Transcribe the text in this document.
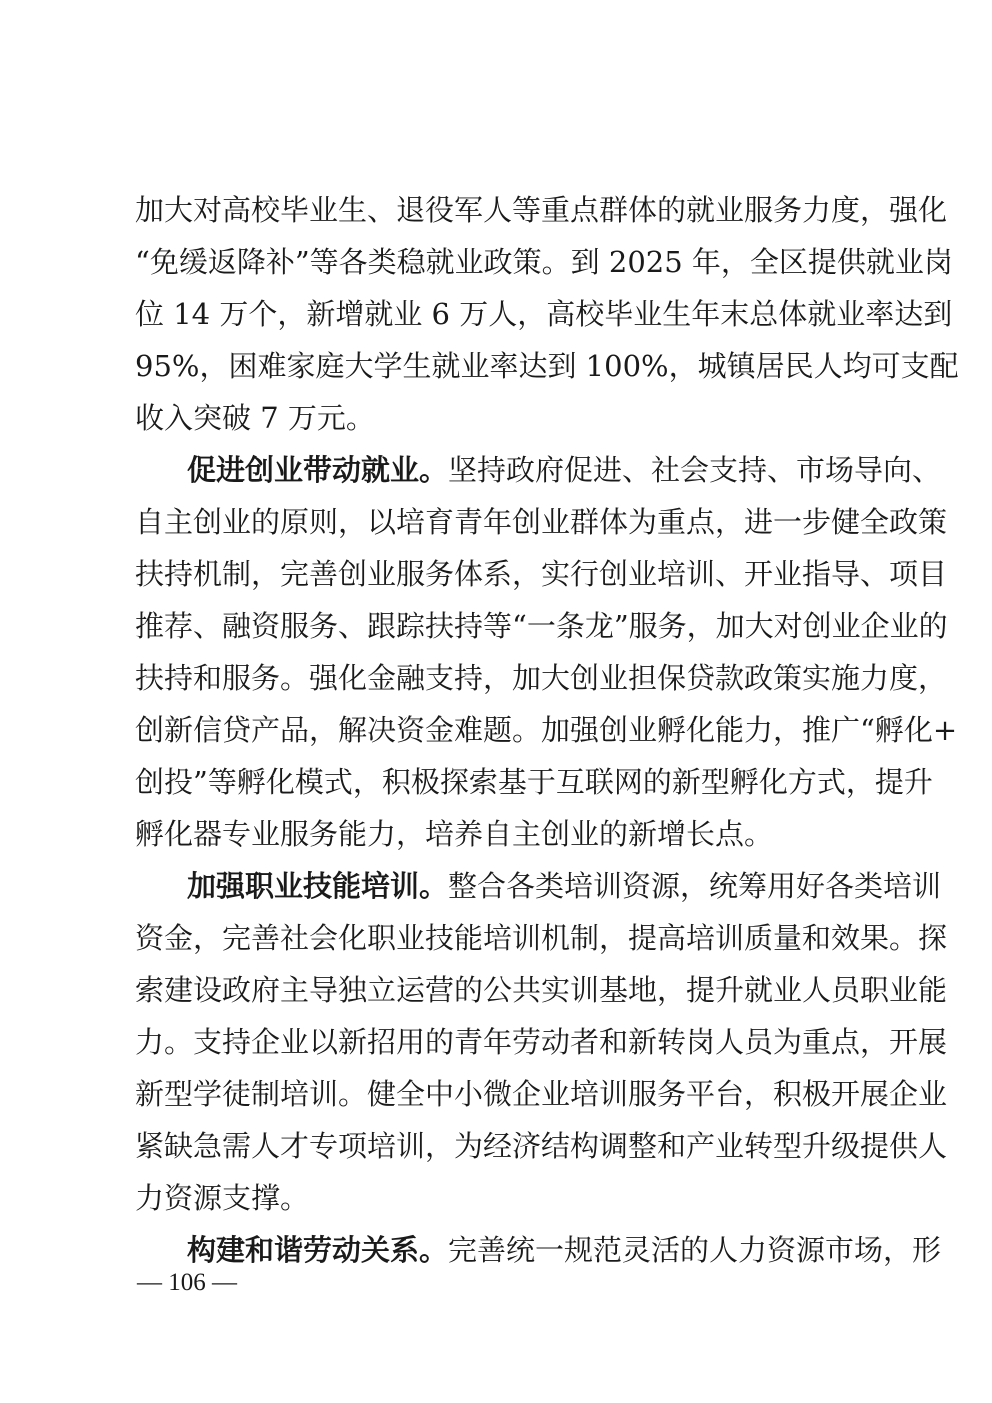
加大对高校毕业生、退役军人等重点群体的就业服务力度，强化
“免缓返降补”等各类稳就业政策。到 2025 年，全区提供就业岗
位 14 万个，新增就业 6 万人，高校毕业生年末总体就业率达到
95%，困难家庭大学生就业率达到 100%，城镇居民人均可支配
收入突破 7 万元。
促进创业带动就业。坚持政府促进、社会支持、市场导向、
自主创业的原则，以培育青年创业群体为重点，进一步健全政策
扶持机制，完善创业服务体系，实行创业培训、开业指导、项目
推荐、融资服务、跟踪扶持等“一条龙”服务，加大对创业企业的
扶持和服务。强化金融支持，加大创业担保贷款政策实施力度，
创新信贷产品，解决资金难题。加强创业孵化能力，推广“孵化+
创投”等孵化模式，积极探索基于互联网的新型孵化方式，提升
孵化器专业服务能力，培养自主创业的新增长点。
加强职业技能培训。整合各类培训资源，统筹用好各类培训
资金，完善社会化职业技能培训机制，提高培训质量和效果。探
索建设政府主导独立运营的公共实训基地，提升就业人员职业能
力。支持企业以新招用的青年劳动者和新转岗人员为重点，开展
新型学徒制培训。健全中小微企业培训服务平台，积极开展企业
紧缺急需人才专项培训，为经济结构调整和产业转型升级提供人
力资源支撑。
构建和谐劳动关系。完善统一规范灵活的人力资源市场，形
— 106 —
